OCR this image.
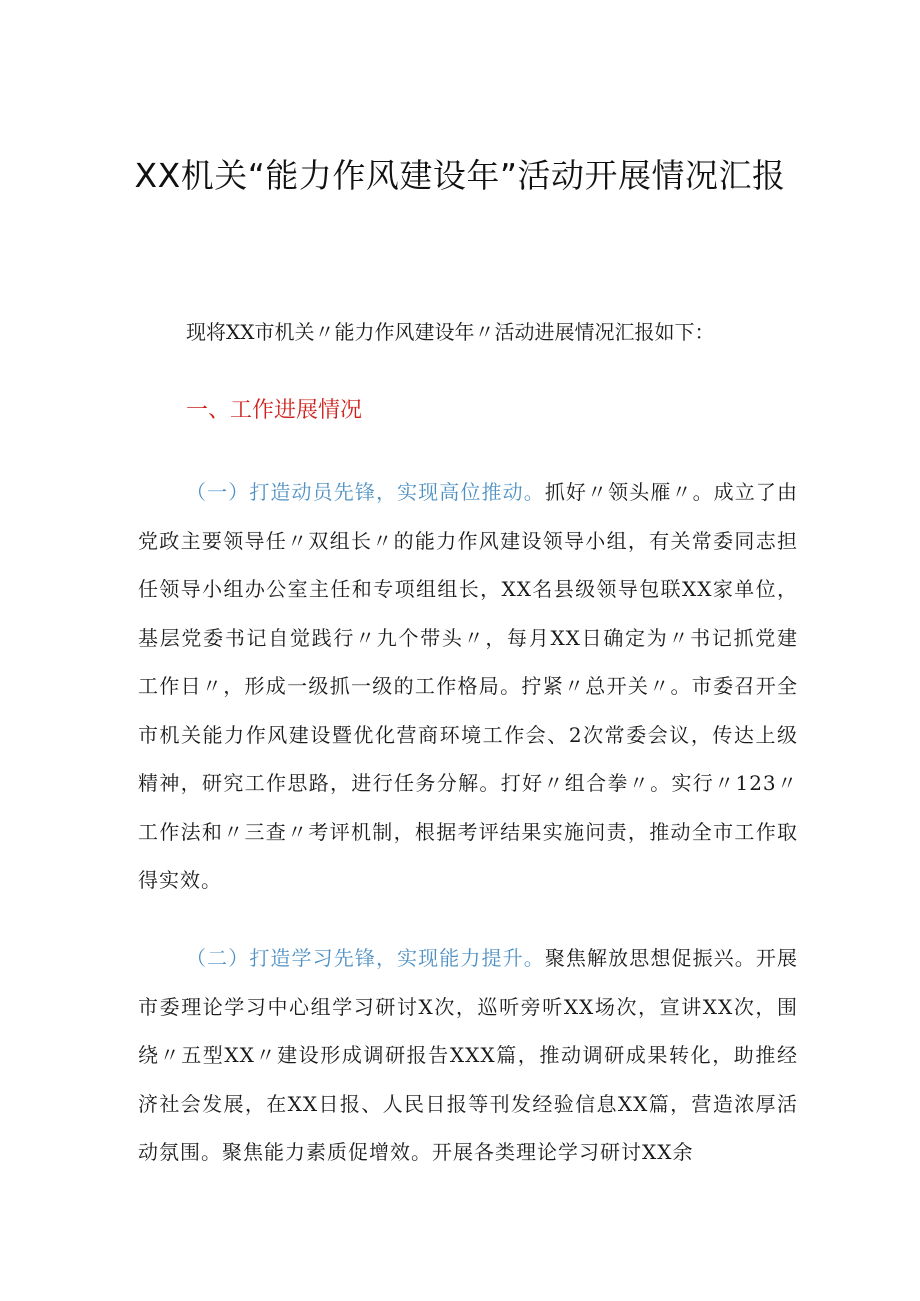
XX机关“能力作风建设年”活动开展情况汇报
现将XX市机关〃能力作风建设年〃活动进展情况汇报如下：
一、工作进展情况
（一）打造动员先锋，实现高位推动。抓好〃领头雁〃。成立了由党政主要领导任〃双组长〃的能力作风建设领导小组，有关常委同志担任领导小组办公室主任和专项组组长，XX名县级领导包联XX家单位，基层党委书记自觉践行〃九个带头〃，每月XX日确定为〃书记抓党建工作日〃，形成一级抓一级的工作格局。拧紧〃总开关〃。市委召开全市机关能力作风建设暨优化营商环境工作会、2次常委会议，传达上级精神，研究工作思路，进行任务分解。打好〃组合拳〃。实行〃123〃工作法和〃三查〃考评机制，根据考评结果实施问责，推动全市工作取得实效。
（二）打造学习先锋，实现能力提升。聚焦解放思想促振兴。开展市委理论学习中心组学习研讨X次，巡听旁听XX场次，宣讲XX次，围绕〃五型XX〃建设形成调研报告XXX篇，推动调研成果转化，助推经济社会发展，在XX日报、人民日报等刊发经验信息XX篇，营造浓厚活动氛围。聚焦能力素质促增效。开展各类理论学习研讨XX余
